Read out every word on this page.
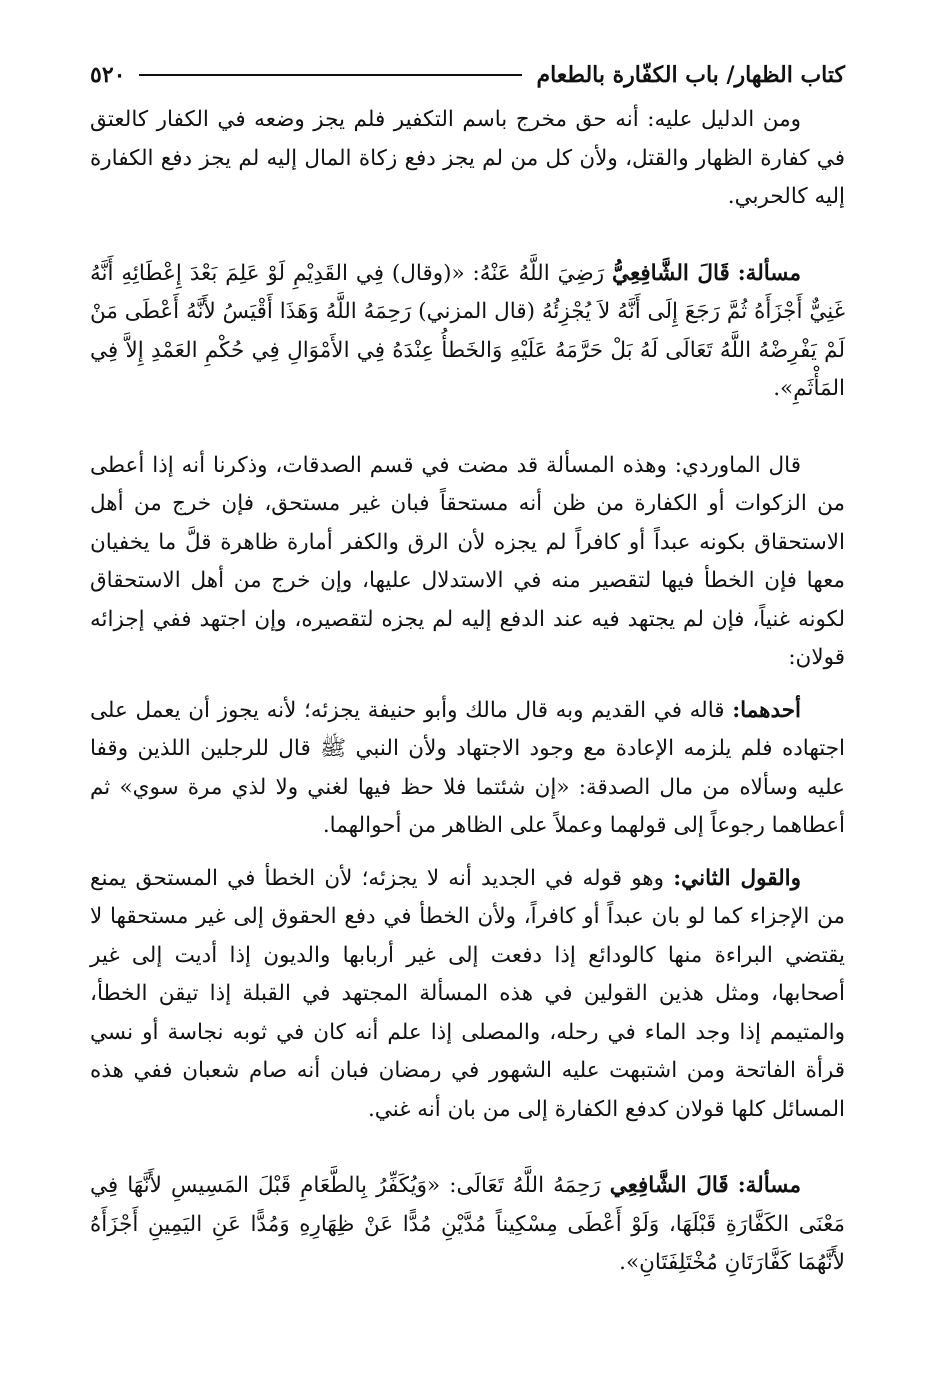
كتاب الظهار/ باب الكفّارة بالطعام
٥٢٠

ومن الدليل عليه: أنه حق مخرج باسم التكفير فلم يجز وضعه في الكفار كالعتق في كفارة الظهار والقتل، ولأن كل من لم يجز دفع زكاة المال إليه لم يجز دفع الكفارة إليه كالحربي.

مسألة: قَالَ الشَّافِعِيُّ رَضِيَ اللَّهُ عَنْهُ: «(وقال) فِي القَدِيْمِ لَوْ عَلِمَ بَعْدَ إِعْطَائِهِ أَنَّهُ غَنِيٌّ أَجْزَأَهُ ثُمَّ رَجَعَ إِلَى أَنَّهُ لاَ يُجْزِئُهُ (قال المزني) رَحِمَهُ اللَّهُ وَهَذَا أَقْيَسُ لأَنَّهُ أَعْطَى مَنْ لَمْ يَفْرِضْهُ اللَّهُ تَعَالَى لَهُ بَلْ حَرَّمَهُ عَلَيْهِ وَالخَطأُ عِنْدَهُ فِي الأَمْوَالِ فِي حُكْمِ العَمْدِ إِلاَّ فِي المَأْثَمِ».

قال الماوردي: وهذه المسألة قد مضت في قسم الصدقات، وذكرنا أنه إذا أعطى من الزكوات أو الكفارة من ظن أنه مستحقاً فبان غير مستحق، فإن خرج من أهل الاستحقاق بكونه عبداً أو كافراً لم يجزه لأن الرق والكفر أمارة ظاهرة قلَّ ما يخفيان معها فإن الخطأ فيها لتقصير منه في الاستدلال عليها، وإن خرج من أهل الاستحقاق لكونه غنياً، فإن لم يجتهد فيه عند الدفع إليه لم يجزه لتقصيره، وإن اجتهد ففي إجزائه قولان:

أحدهما: قاله في القديم وبه قال مالك وأبو حنيفة يجزئه؛ لأنه يجوز أن يعمل على اجتهاده فلم يلزمه الإعادة مع وجود الاجتهاد ولأن النبي ﷺ قال للرجلين اللذين وقفا عليه وسألاه من مال الصدقة: «إن شئتما فلا حظ فيها لغني ولا لذي مرة سوي» ثم أعطاهما رجوعاً إلى قولهما وعملاً على الظاهر من أحوالهما.

والقول الثاني: وهو قوله في الجديد أنه لا يجزئه؛ لأن الخطأ في المستحق يمنع من الإجزاء كما لو بان عبداً أو كافراً، ولأن الخطأ في دفع الحقوق إلى غير مستحقها لا يقتضي البراءة منها كالودائع إذا دفعت إلى غير أربابها والديون إذا أديت إلى غير أصحابها، ومثل هذين القولين في هذه المسألة المجتهد في القبلة إذا تيقن الخطأ، والمتيمم إذا وجد الماء في رحله، والمصلى إذا علم أنه كان في ثوبه نجاسة أو نسي قرأة الفاتحة ومن اشتبهت عليه الشهور في رمضان فبان أنه صام شعبان ففي هذه المسائل كلها قولان كدفع الكفارة إلى من بان أنه غني.

مسألة: قَالَ الشَّافِعِي رَحِمَهُ اللَّهُ تَعَالَى: «وَيُكَفِّرُ بِالطَّعَامِ قَبْلَ المَسِيسِ لأَنَّهَا فِي مَعْنَى الكَفَّارَةِ قَبْلَهَا، وَلَوْ أَعْطَى مِسْكِيناً مُدَّيْنِ مُدًّا عَنْ ظِهَارِهِ وَمُدًّا عَنِ اليَمِينِ أَجْزَأَهُ لأَنَّهُمَا كَفَّارَتَانِ مُخْتَلِفَتَانِ».
